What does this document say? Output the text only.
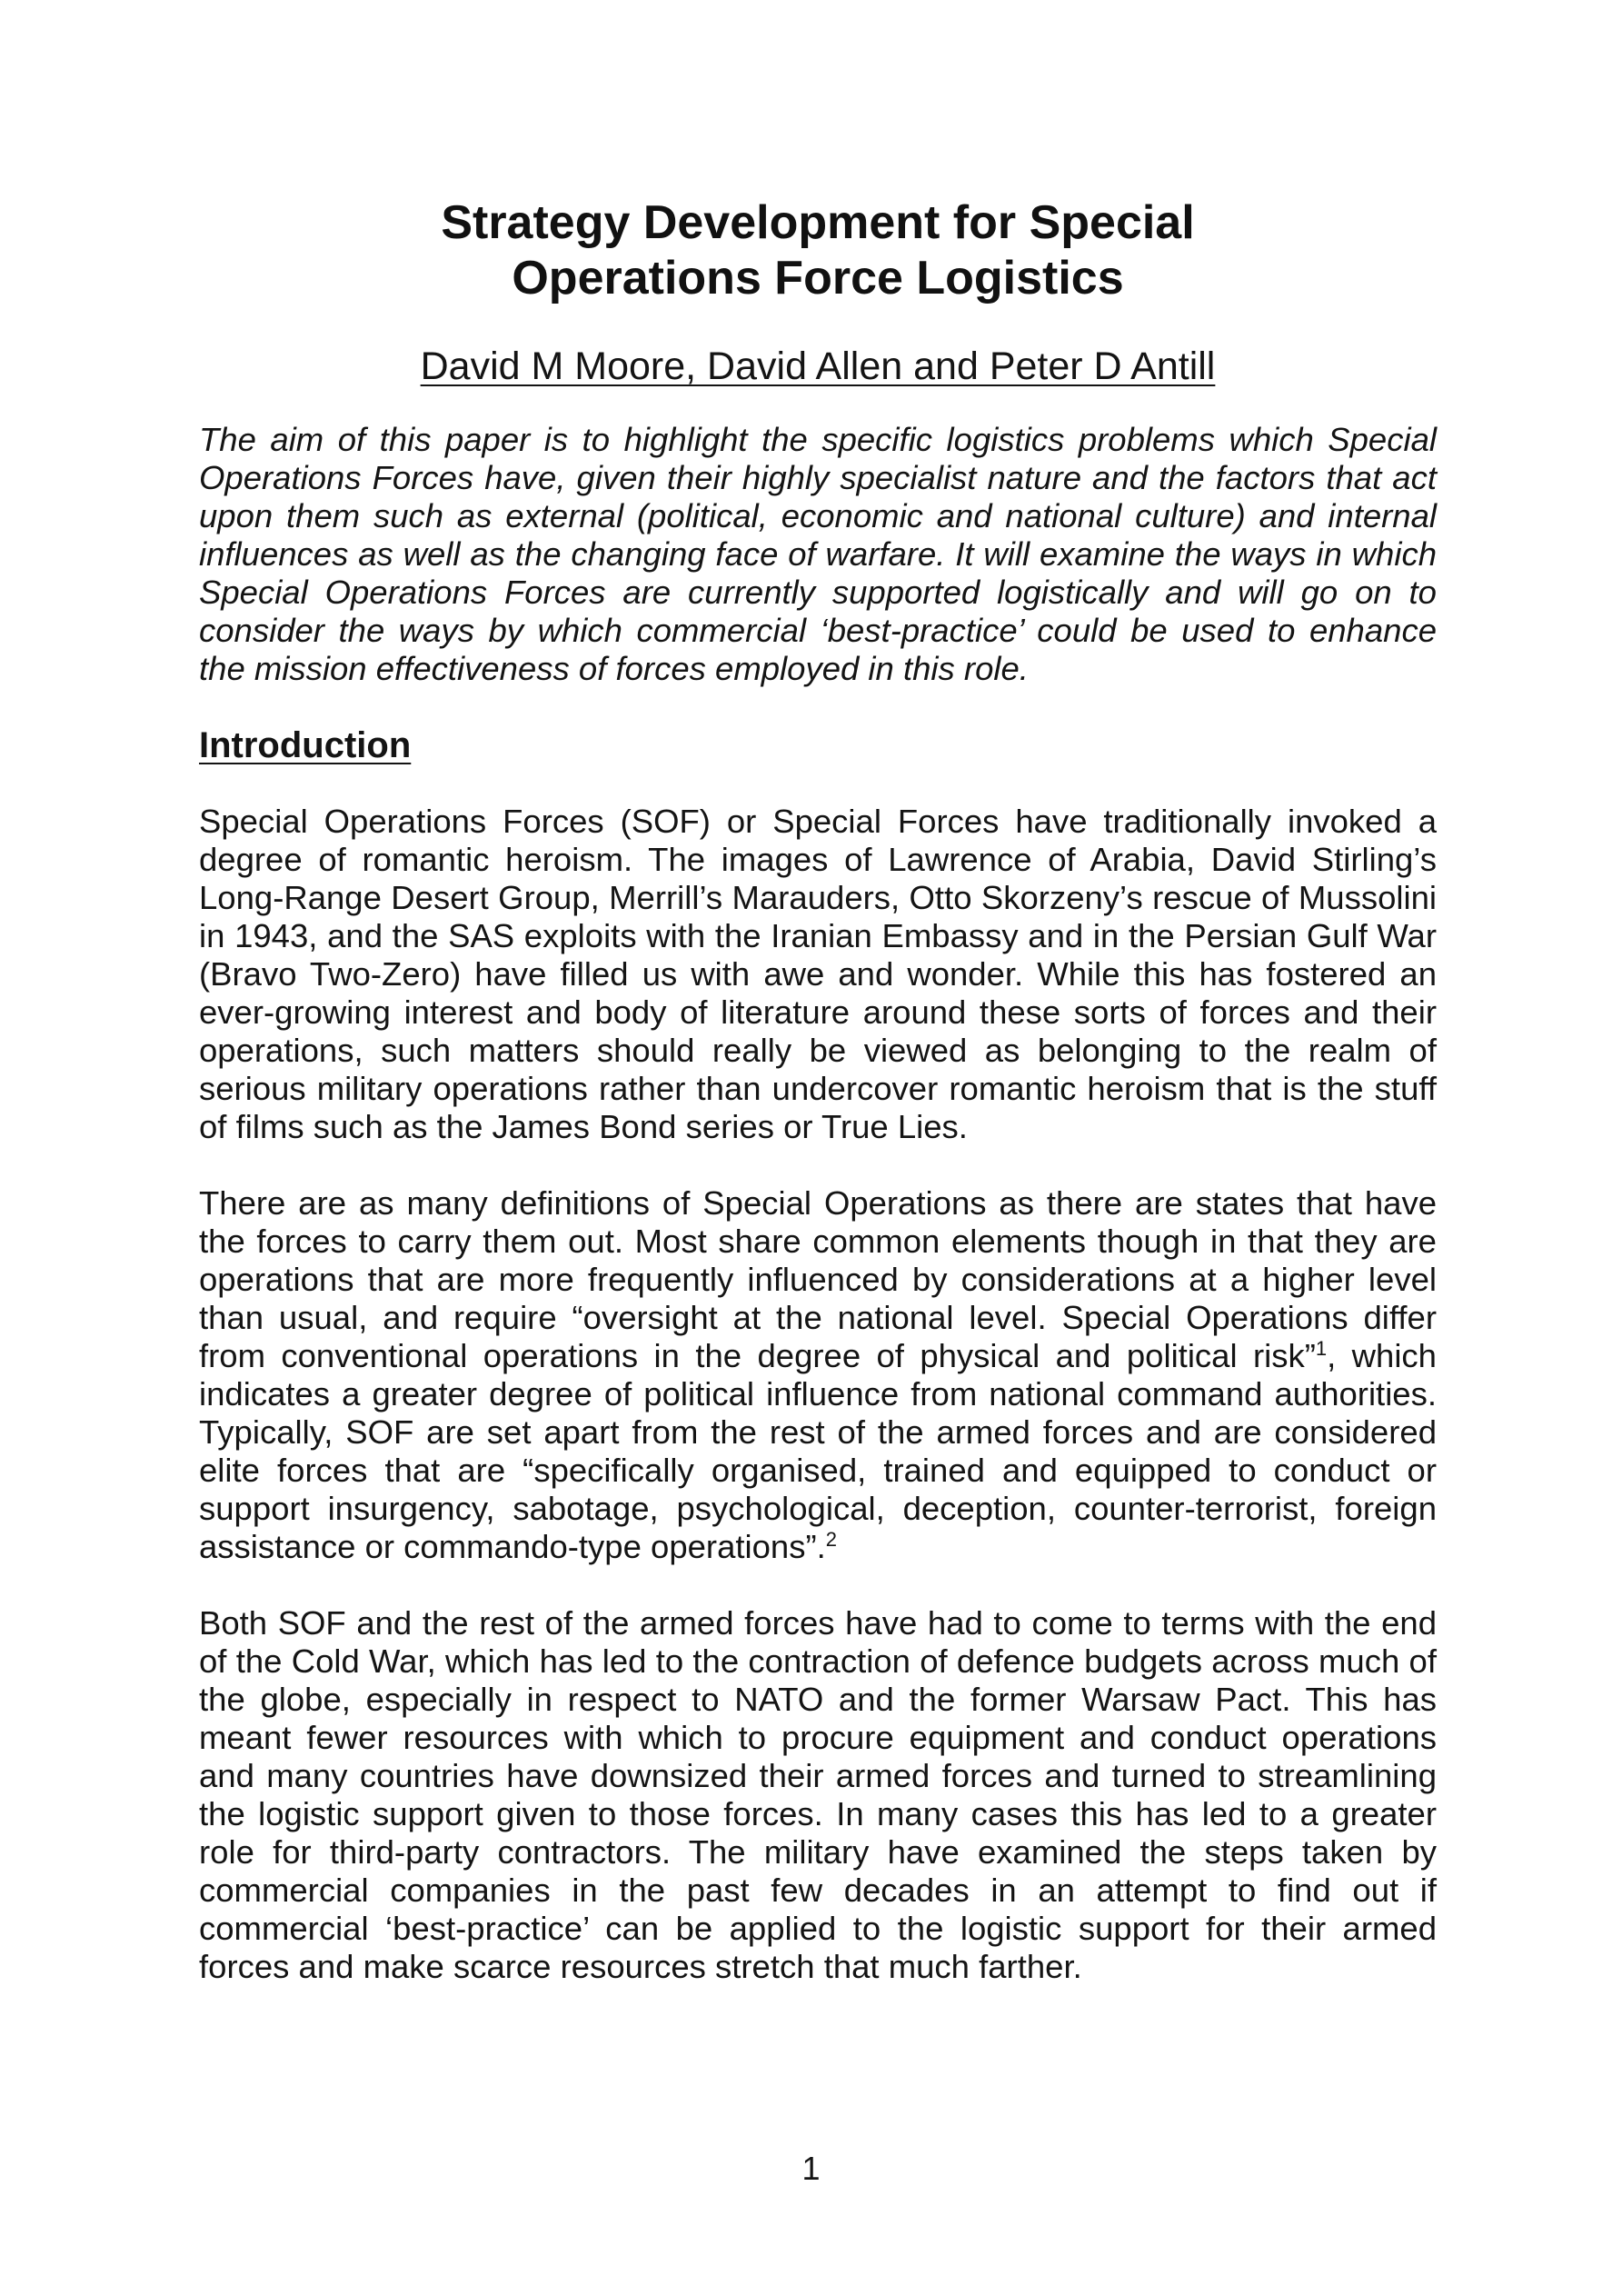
Strategy Development for Special
Operations Force Logistics

David M Moore, David Allen and Peter D Antill

The aim of this paper is to highlight the specific logistics problems which Special Operations Forces have, given their highly specialist nature and the factors that act upon them such as external (political, economic and national culture) and internal influences as well as the changing face of warfare. It will examine the ways in which Special Operations Forces are currently supported logistically and will go on to consider the ways by which commercial ‘best-practice’ could be used to enhance the mission effectiveness of forces employed in this role.

Introduction

Special Operations Forces (SOF) or Special Forces have traditionally invoked a degree of romantic heroism. The images of Lawrence of Arabia, David Stirling’s Long-Range Desert Group, Merrill’s Marauders, Otto Skorzeny’s rescue of Mussolini in 1943, and the SAS exploits with the Iranian Embassy and in the Persian Gulf War (Bravo Two-Zero) have filled us with awe and wonder. While this has fostered an ever-growing interest and body of literature around these sorts of forces and their operations, such matters should really be viewed as belonging to the realm of serious military operations rather than undercover romantic heroism that is the stuff of films such as the James Bond series or True Lies.

There are as many definitions of Special Operations as there are states that have the forces to carry them out. Most share common elements though in that they are operations that are more frequently influenced by considerations at a higher level than usual, and require “oversight at the national level. Special Operations differ from conventional operations in the degree of physical and political risk”$^1$, which indicates a greater degree of political influence from national command authorities. Typically, SOF are set apart from the rest of the armed forces and are considered elite forces that are “specifically organised, trained and equipped to conduct or support insurgency, sabotage, psychological, deception, counter-terrorist, foreign assistance or commando-type operations”.$^2$

Both SOF and the rest of the armed forces have had to come to terms with the end of the Cold War, which has led to the contraction of defence budgets across much of the globe, especially in respect to NATO and the former Warsaw Pact. This has meant fewer resources with which to procure equipment and conduct operations and many countries have downsized their armed forces and turned to streamlining the logistic support given to those forces. In many cases this has led to a greater role for third-party contractors. The military have examined the steps taken by commercial companies in the past few decades in an attempt to find out if commercial ‘best-practice’ can be applied to the logistic support for their armed forces and make scarce resources stretch that much farther.

1
